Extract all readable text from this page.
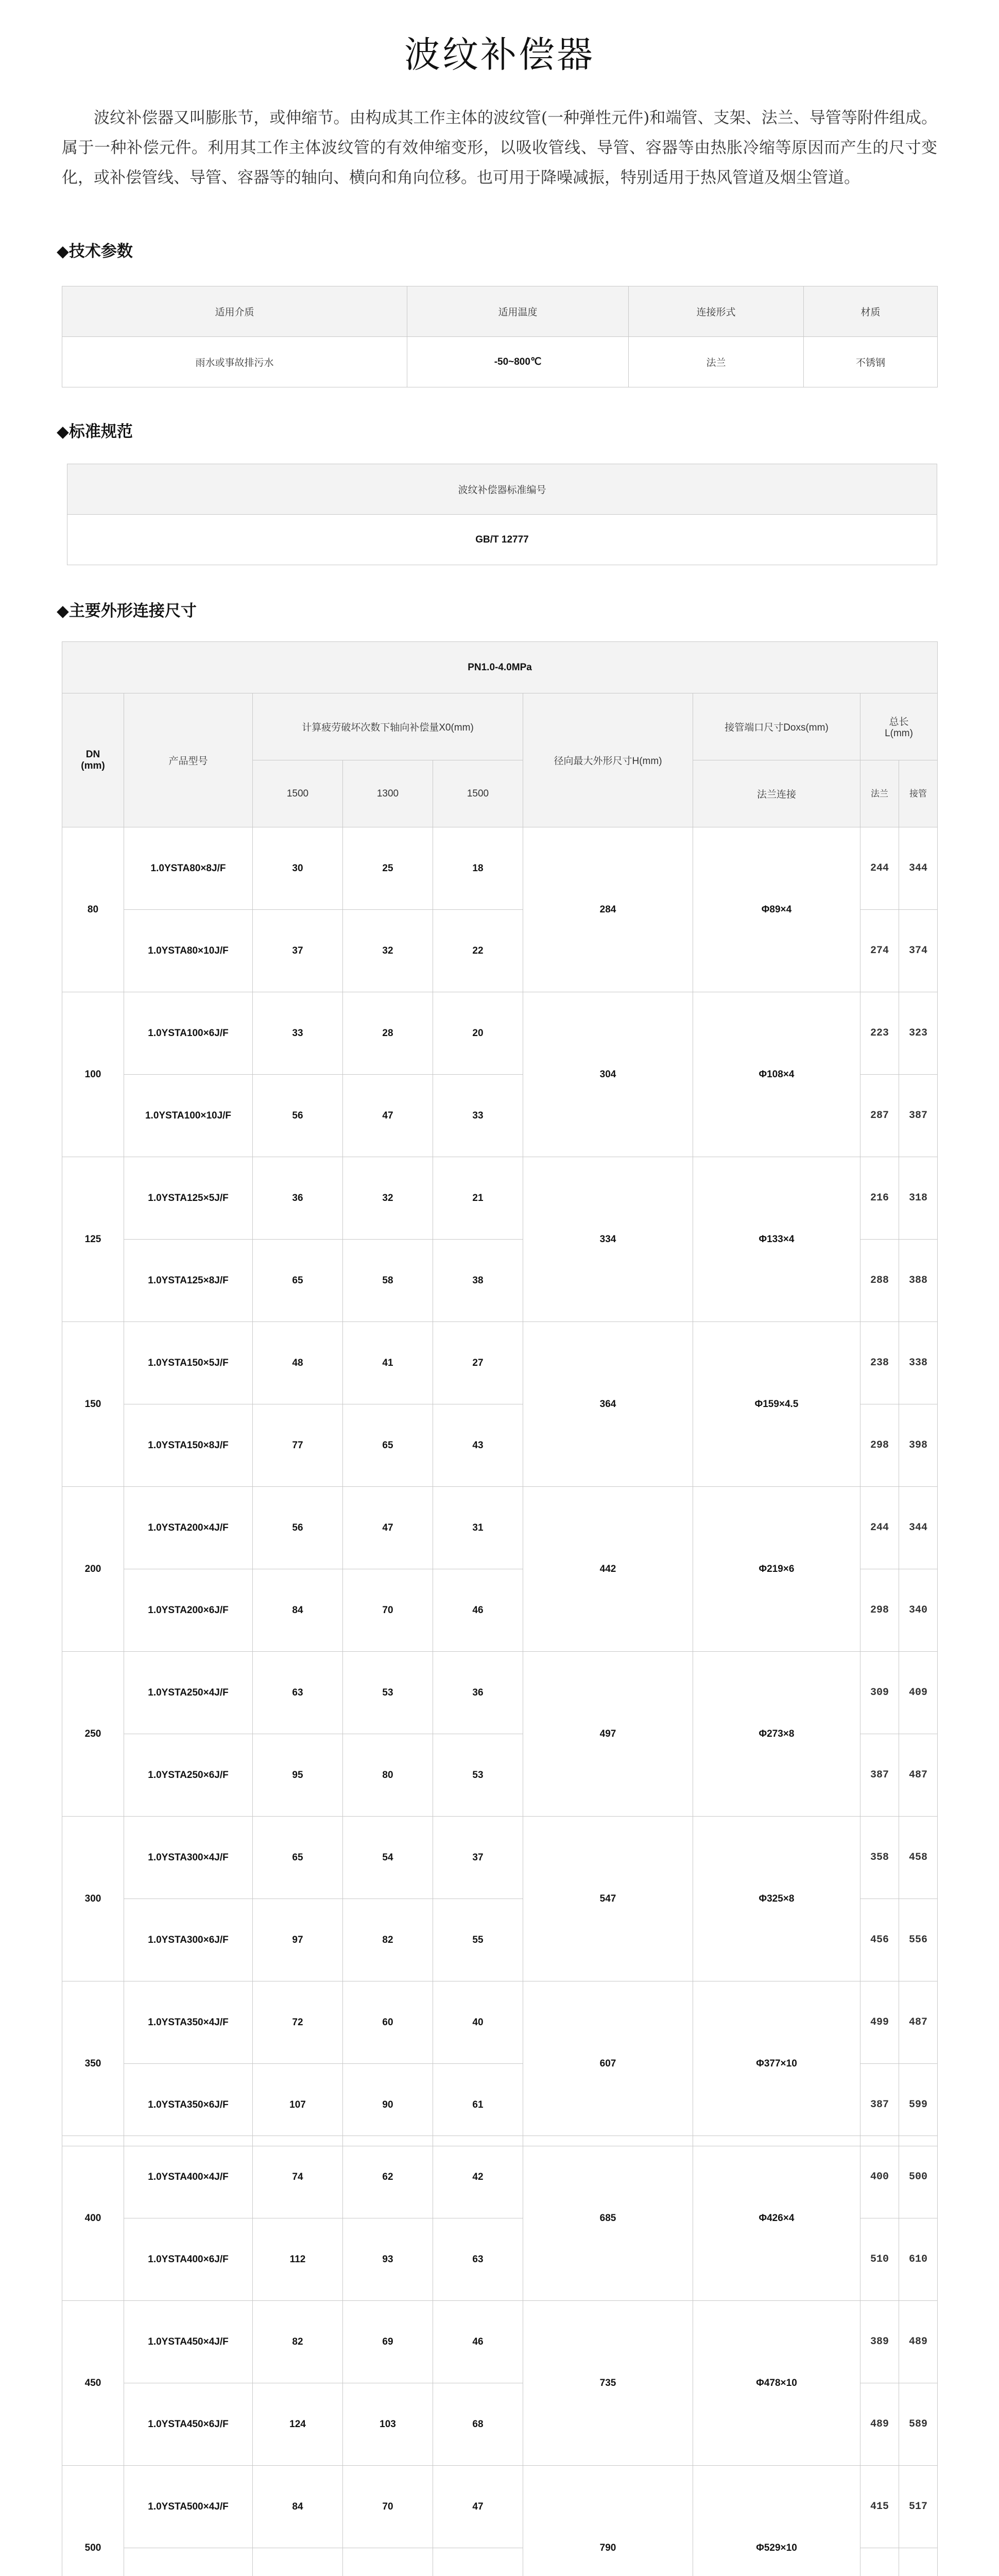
波纹补偿器
波纹补偿器又叫膨胀节，或伸缩节。由构成其工作主体的波纹管(一种弹性元件)和端管、支架、法兰、导管等附件组成。属于一种补偿元件。利用其工作主体波纹管的有效伸缩变形，以吸收管线、导管、容器等由热胀冷缩等原因而产生的尺寸变化，或补偿管线、导管、容器等的轴向、横向和角向位移。也可用于降噪减振，特别适用于热风管道及烟尘管道。
◆技术参数
适用介质	适用温度	连接形式	材质
雨水或事故排污水	-50~800℃	法兰	不锈钢
◆标准规范
波纹补偿器标准编号
GB/T 12777
◆主要外形连接尺寸
PN1.0-4.0MPa								
DN
(mm)	产品型号	计算疲劳破坏次数下轴向补偿量X0(mm)			径向最大外形尺寸H(mm)	接管端口尺寸Doxs(mm)	总长
L(mm)	
		1500	1300	1500		法兰连接	法兰	接管
80	1.0YSTA80×8J/F	30	25	18	284	Φ89×4	244	344
	1.0YSTA80×10J/F	37	32	22			274	374
100	1.0YSTA100×6J/F	33	28	20	304	Φ108×4	223	323
	1.0YSTA100×10J/F	56	47	33			287	387
125	1.0YSTA125×5J/F	36	32	21	334	Φ133×4	216	318
	1.0YSTA125×8J/F	65	58	38			288	388
150	1.0YSTA150×5J/F	48	41	27	364	Φ159×4.5	238	338
	1.0YSTA150×8J/F	77	65	43			298	398
200	1.0YSTA200×4J/F	56	47	31	442	Φ219×6	244	344
	1.0YSTA200×6J/F	84	70	46			298	340
250	1.0YSTA250×4J/F	63	53	36	497	Φ273×8	309	409
	1.0YSTA250×6J/F	95	80	53			387	487
300	1.0YSTA300×4J/F	65	54	37	547	Φ325×8	358	458
	1.0YSTA300×6J/F	97	82	55			456	556
350	1.0YSTA350×4J/F	72	60	40	607	Φ377×10	499	487
	1.0YSTA350×6J/F	107	90	61			387	599
400	1.0YSTA400×4J/F	74	62	42	685	Φ426×4	400	500
	1.0YSTA400×6J/F	112	93	63			510	610
450	1.0YSTA450×4J/F	82	69	46	735	Φ478×10	389	489
	1.0YSTA450×6J/F	124	103	68			489	589
500	1.0YSTA500×4J/F	84	70	47	790	Φ529×10	415	517
